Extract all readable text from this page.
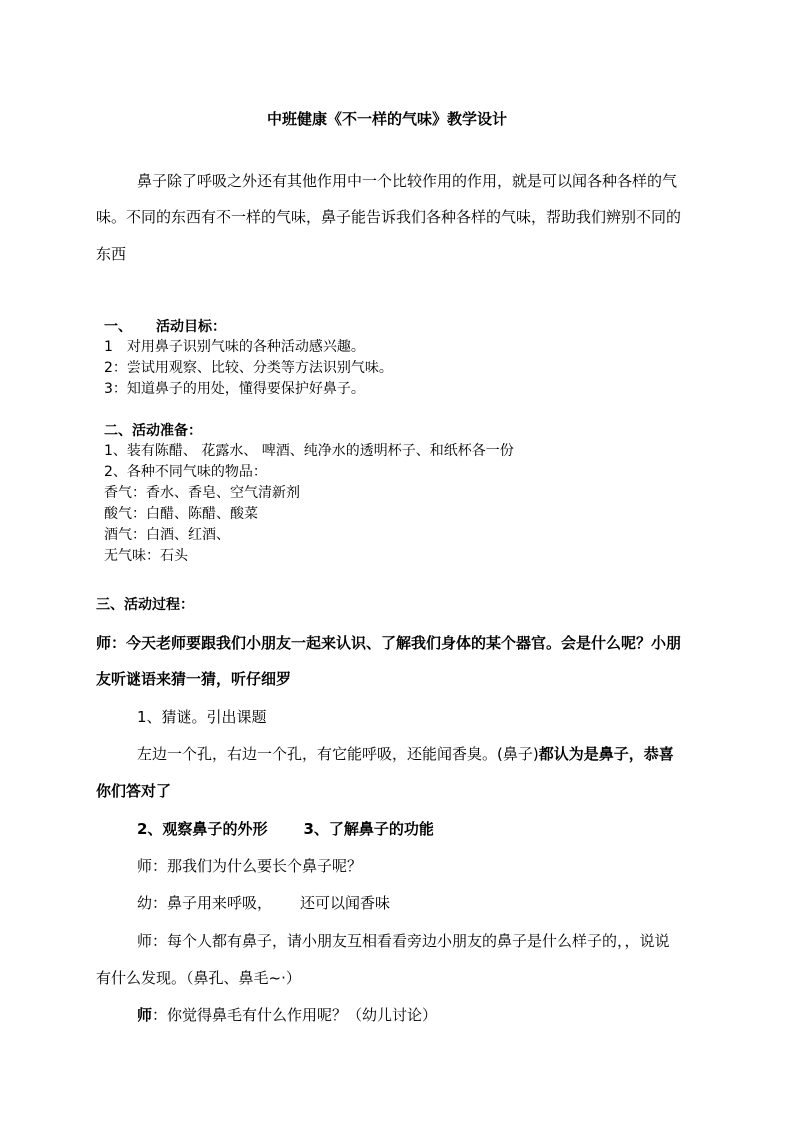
中班健康《不一样的气味》教学设计
鼻子除了呼吸之外还有其他作用中一个比较作用的作用，就是可以闻各种各样的气
味。不同的东西有不一样的气味，鼻子能告诉我们各种各样的气味，帮助我们辨别不同的
东西
一、 活动目标：
1　对用鼻子识别气味的各种活动感兴趣。
2：尝试用观察、比较、分类等方法识别气味。
3：知道鼻子的用处，懂得要保护好鼻子。
二、活动准备：
1、装有陈醋、 花露水、 啤酒、纯净水的透明杯子、和纸杯各一份
2、各种不同气味的物品：
香气：香水、香皂、空气清新剂
酸气：白醋、陈醋、酸菜
酒气：白酒、红酒、
无气味：石头
三、活动过程：
师：今天老师要跟我们小朋友一起来认识、了解我们身体的某个器官。会是什么呢？小朋
友听谜语来猜一猜，听仔细罗
1、猜谜。引出课题
左边一个孔，右边一个孔，有它能呼吸，还能闻香臭。(鼻子)都认为是鼻子，恭喜
你们答对了
2、观察鼻子的外形 3、了解鼻子的功能
师：那我们为什么要长个鼻子呢？
幼：鼻子用来呼吸， 还可以闻香味
师：每个人都有鼻子，请小朋友互相看看旁边小朋友的鼻子是什么样子的，，说说
有什么发现。（鼻孔、鼻毛~·）
师：你觉得鼻毛有什么作用呢？（幼儿讨论）
